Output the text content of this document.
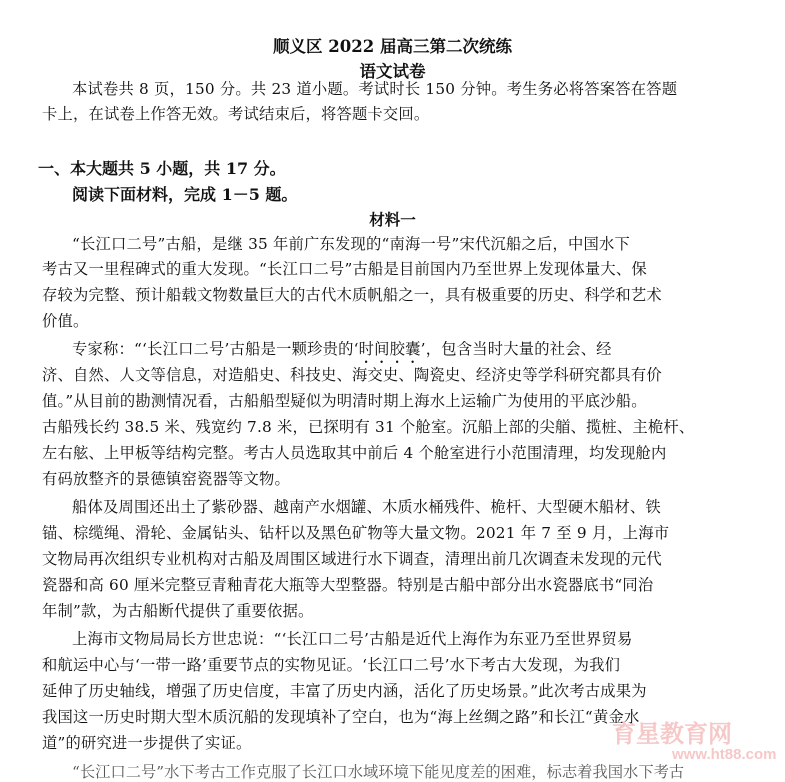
顺义区 2022 届高三第二次统练
语文试卷
本试卷共 8 页，150 分。共 23 道小题。考试时长 150 分钟。考生务必将答案答在答题
卡上，在试卷上作答无效。考试结束后，将答题卡交回。
一、本大题共 5 小题，共 17 分。
阅读下面材料，完成 1－5 题。
材料一
“长江口二号”古船，是继 35 年前广东发现的“南海一号”宋代沉船之后，中国水下
考古又一里程碑式的重大发现。“长江口二号”古船是目前国内乃至世界上发现体量大、保
存较为完整、预计船载文物数量巨大的古代木质帆船之一，具有极重要的历史、科学和艺术
价值。
专家称：“‘长江口二号’古船是一颗珍贵的‘时间胶囊’，包含当时大量的社会、经
济、自然、人文等信息，对造船史、科技史、海交史、陶瓷史、经济史等学科研究都具有价
值。”从目前的勘测情况看，古船船型疑似为明清时期上海水上运输广为使用的平底沙船。
古船残长约 38.5 米、残宽约 7.8 米，已探明有 31 个舱室。沉船上部的尖艏、揽桩、主桅杆、
左右舷、上甲板等结构完整。考古人员选取其中前后 4 个舱室进行小范围清理，均发现舱内
有码放整齐的景德镇窑瓷器等文物。
船体及周围还出土了紫砂器、越南产水烟罐、木质水桶残件、桅杆、大型硬木船材、铁
锚、棕缆绳、滑轮、金属钻头、钻杆以及黑色矿物等大量文物。2021 年 7 至 9 月，上海市
文物局再次组织专业机构对古船及周围区域进行水下调查，清理出前几次调查未发现的元代
瓷器和高 60 厘米完整豆青釉青花大瓶等大型整器。特别是古船中部分出水瓷器底书“同治
年制”款，为古船断代提供了重要依据。
上海市文物局局长方世忠说：“‘长江口二号’古船是近代上海作为东亚乃至世界贸易
和航运中心与‘一带一路’重要节点的实物见证。‘长江口二号’水下考古大发现，为我们
延伸了历史轴线，增强了历史信度，丰富了历史内涵，活化了历史场景。”此次考古成果为
我国这一历史时期大型木质沉船的发现填补了空白，也为“海上丝绸之路”和长江“黄金水
道”的研究进一步提供了实证。
“长江口二号”水下考古工作克服了长江口水域环境下能见度差的困难，标志着我国水下考古
育星教育网
www.ht88.com
